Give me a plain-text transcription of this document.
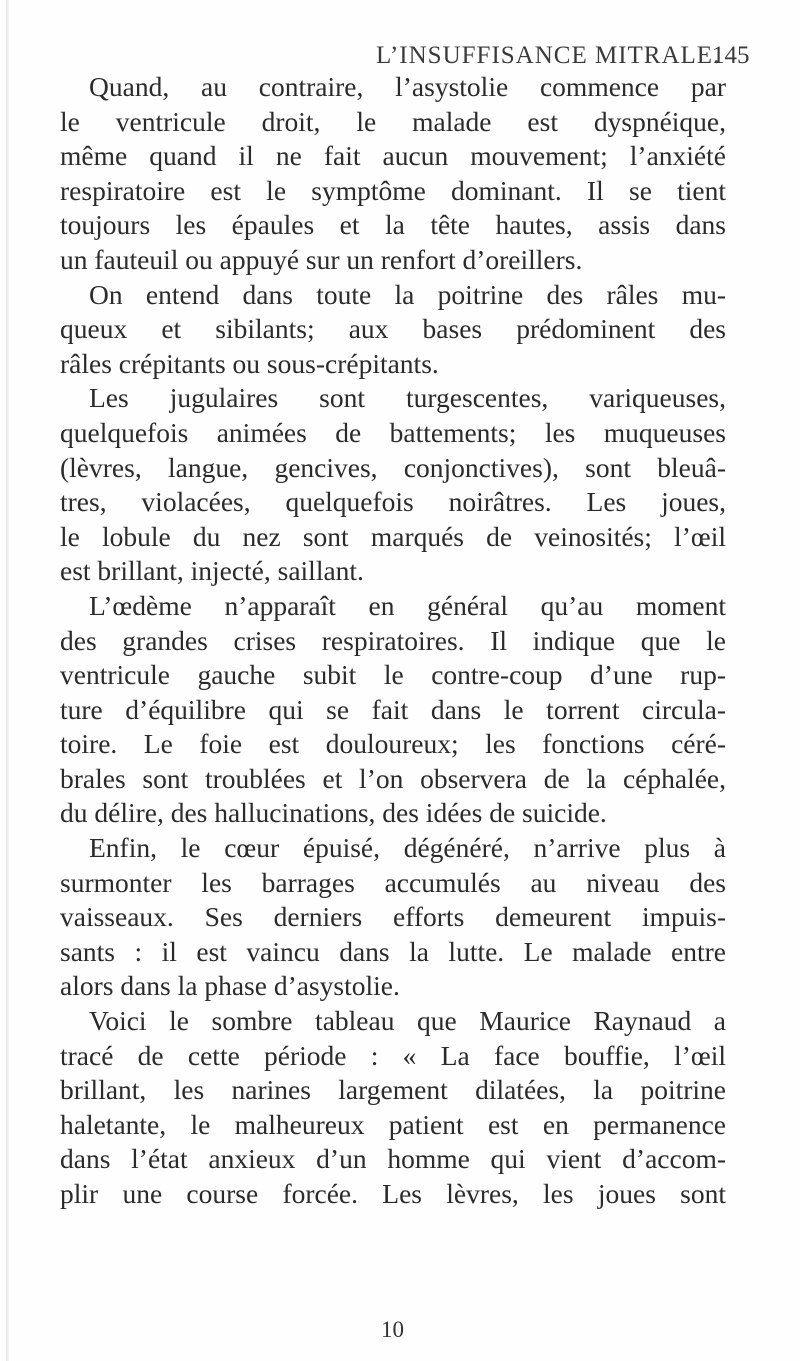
L’INSUFFISANCE MITRALE.
145
Quand, au contraire, l’asystolie commence par
le ventricule droit, le malade est dyspnéique,
même quand il ne fait aucun mouvement; l’anxiété
respiratoire est le symptôme dominant. Il se tient
toujours les épaules et la tête hautes, assis dans
un fauteuil ou appuyé sur un renfort d’oreillers.
On entend dans toute la poitrine des râles mu-
queux et sibilants; aux bases prédominent des
râles crépitants ou sous-crépitants.
Les jugulaires sont turgescentes, variqueuses,
quelquefois animées de battements; les muqueuses
(lèvres, langue, gencives, conjonctives), sont bleuâ-
tres, violacées, quelquefois noirâtres. Les joues,
le lobule du nez sont marqués de veinosités; l’œil
est brillant, injecté, saillant.
L’œdème n’apparaît en général qu’au moment
des grandes crises respiratoires. Il indique que le
ventricule gauche subit le contre-coup d’une rup-
ture d’équilibre qui se fait dans le torrent circula-
toire. Le foie est douloureux; les fonctions céré-
brales sont troublées et l’on observera de la céphalée,
du délire, des hallucinations, des idées de suicide.
Enfin, le cœur épuisé, dégénéré, n’arrive plus à
surmonter les barrages accumulés au niveau des
vaisseaux. Ses derniers efforts demeurent impuis-
sants : il est vaincu dans la lutte. Le malade entre
alors dans la phase d’asystolie.
Voici le sombre tableau que Maurice Raynaud a
tracé de cette période : « La face bouffie, l’œil
brillant, les narines largement dilatées, la poitrine
haletante, le malheureux patient est en permanence
dans l’état anxieux d’un homme qui vient d’accom-
plir une course forcée. Les lèvres, les joues sont
10
